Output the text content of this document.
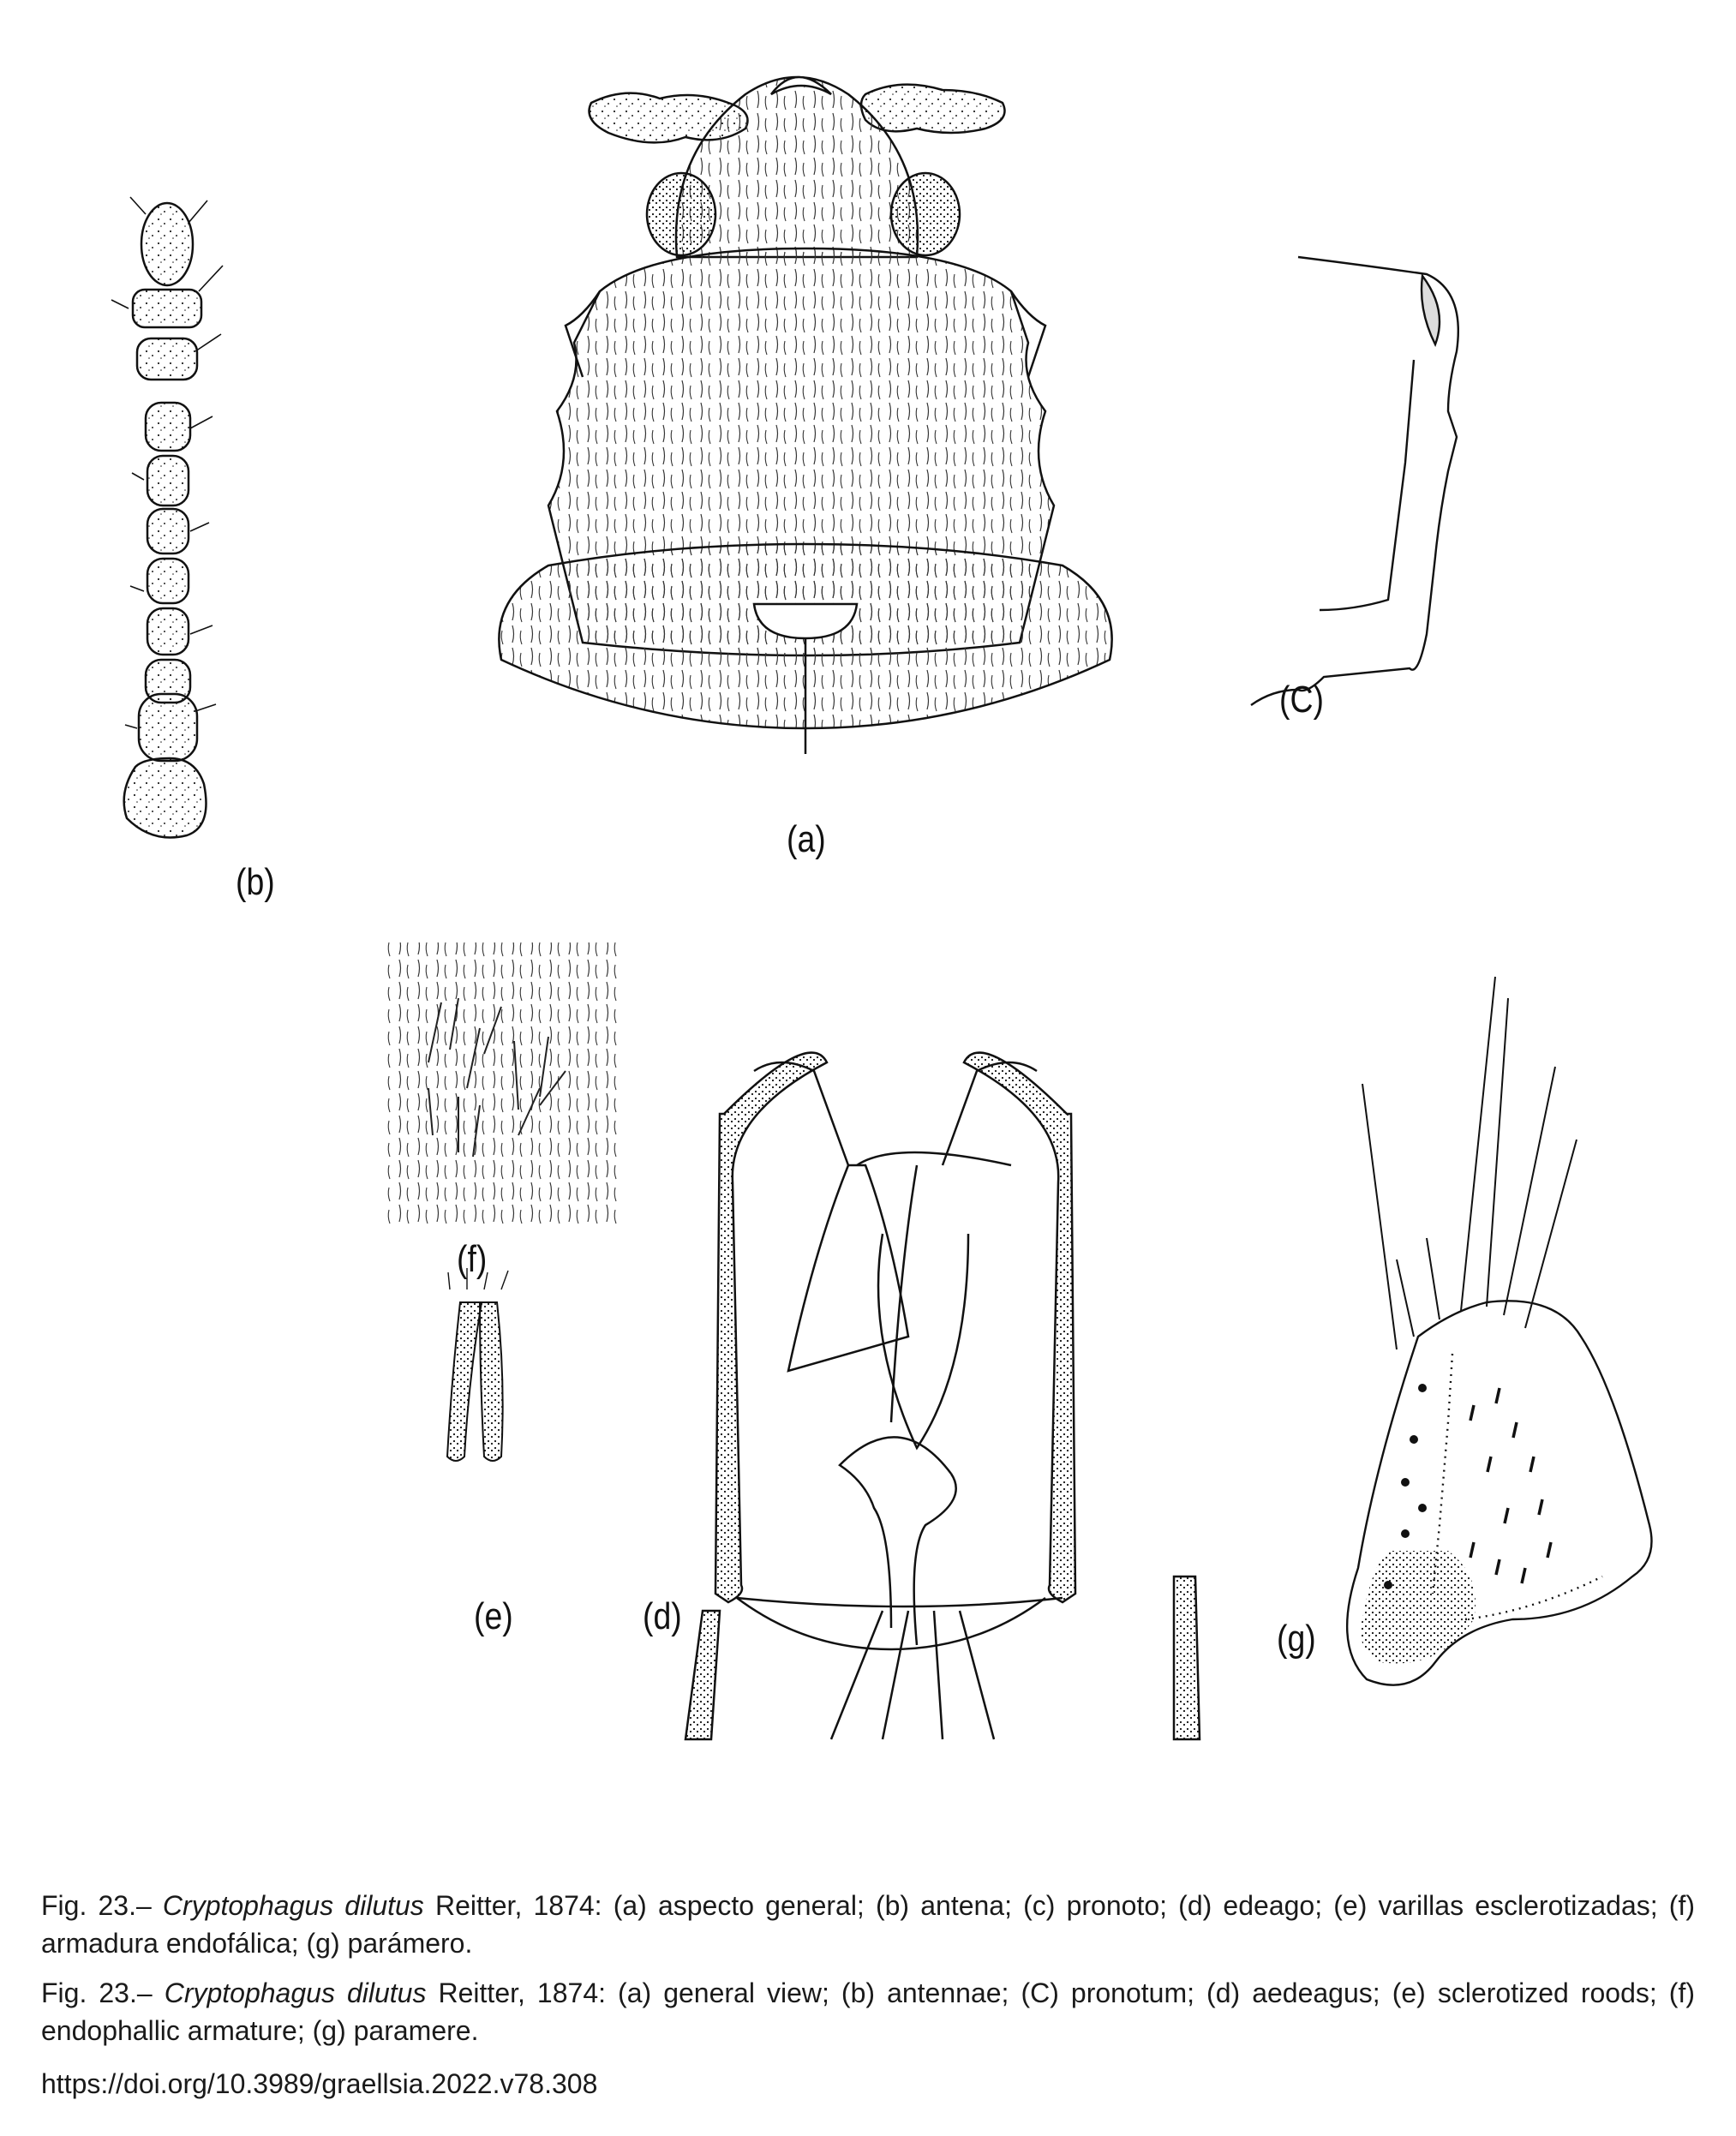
(a)
(b)
(C)
(d)
(e)
(f)
(g)

Fig. 23.– Cryptophagus dilutus Reitter, 1874: (a) aspecto general; (b) antena; (c) pronoto; (d) edeago; (e) varillas esclerotizadas; (f) armadura endofálica; (g) parámero.

Fig. 23.– Cryptophagus dilutus Reitter, 1874: (a) general view; (b) antennae; (C) pronotum; (d) aedeagus; (e) sclerotized roods; (f) endophallic armature; (g) paramere.

https://doi.org/10.3989/graellsia.2022.v78.308
